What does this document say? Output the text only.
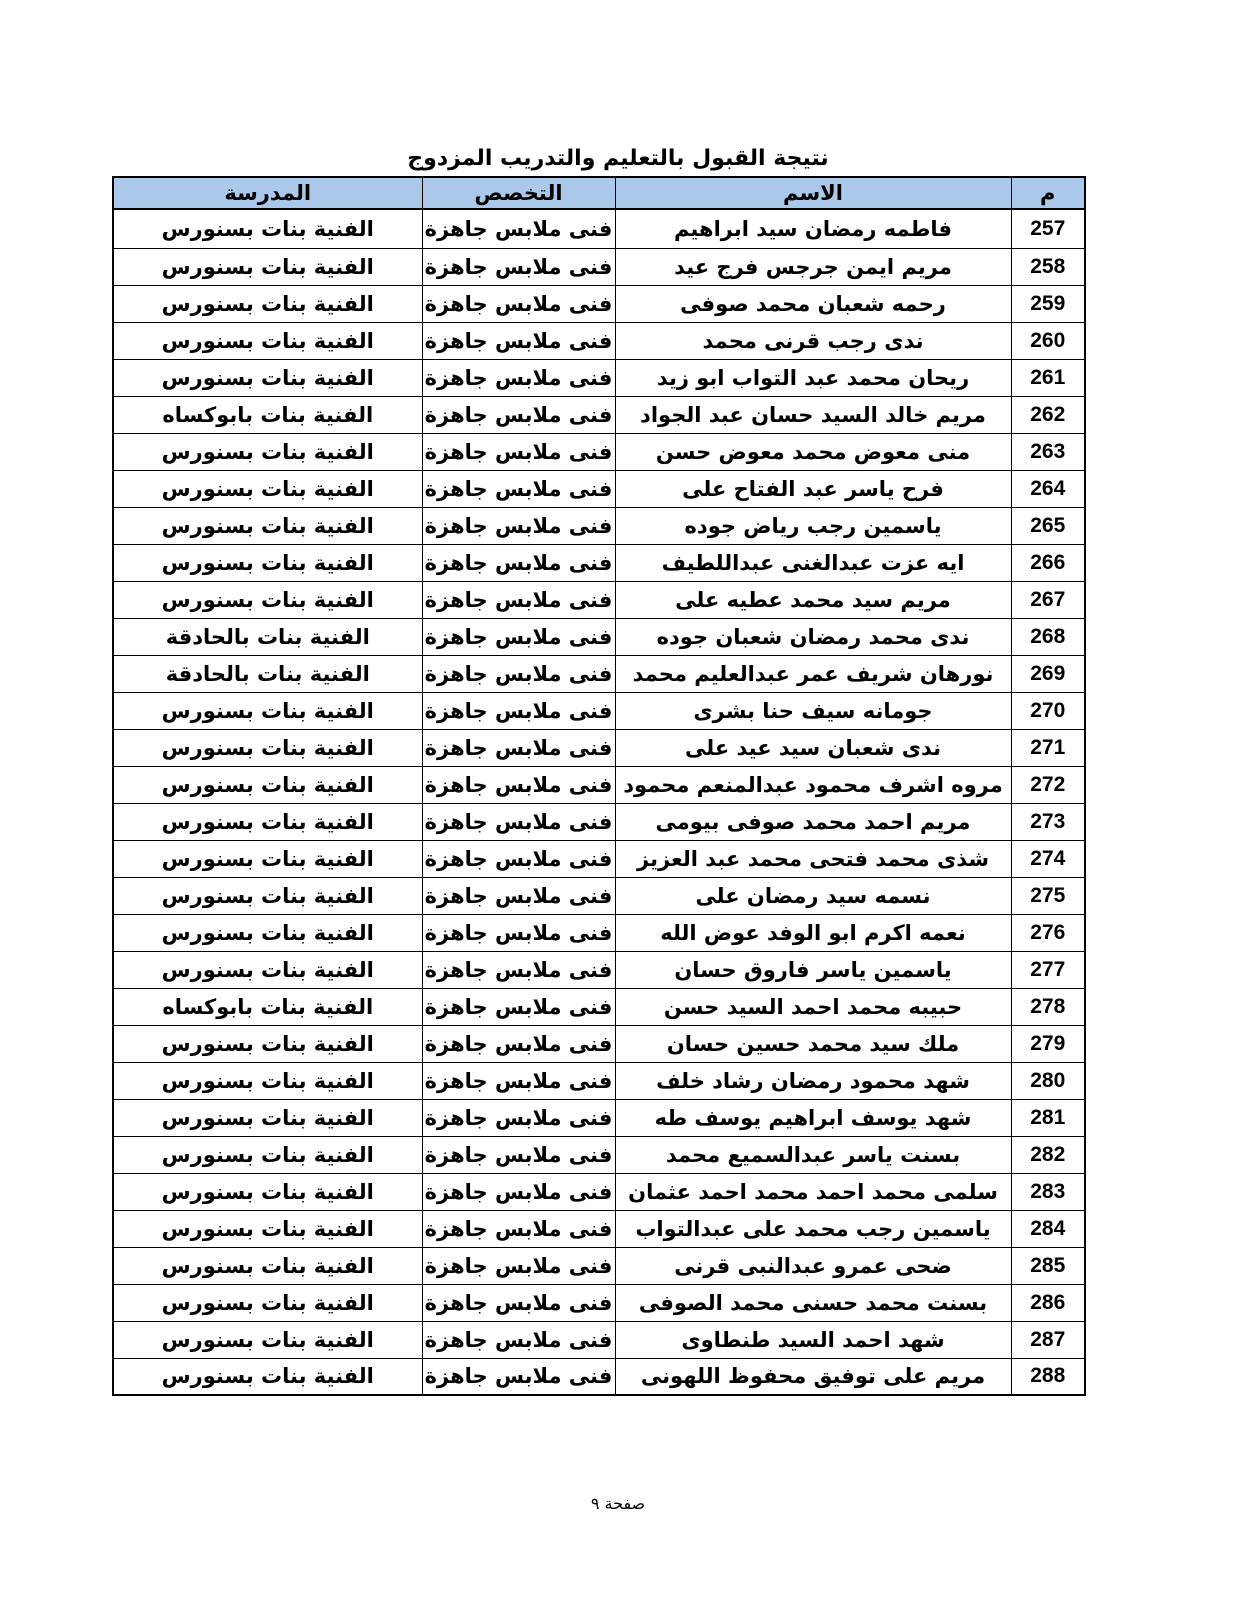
نتيجة القبول بالتعليم والتدريب المزدوج
م	الاسم	التخصص	المدرسة
257	فاطمه رمضان سيد ابراهيم	فنى ملابس جاهزة	الفنية بنات بسنورس
258	مريم ايمن جرجس فرج عيد	فنى ملابس جاهزة	الفنية بنات بسنورس
259	رحمه شعبان محمد صوفى	فنى ملابس جاهزة	الفنية بنات بسنورس
260	ندى رجب قرنى محمد	فنى ملابس جاهزة	الفنية بنات بسنورس
261	ريحان محمد عبد التواب ابو زيد	فنى ملابس جاهزة	الفنية بنات بسنورس
262	مريم خالد السيد حسان عبد الجواد	فنى ملابس جاهزة	الفنية بنات بابوكساه
263	منى معوض محمد معوض حسن	فنى ملابس جاهزة	الفنية بنات بسنورس
264	فرح ياسر عبد الفتاح على	فنى ملابس جاهزة	الفنية بنات بسنورس
265	ياسمين رجب رياض جوده	فنى ملابس جاهزة	الفنية بنات بسنورس
266	ايه عزت عبدالغنى عبداللطيف	فنى ملابس جاهزة	الفنية بنات بسنورس
267	مريم سيد محمد عطيه على	فنى ملابس جاهزة	الفنية بنات بسنورس
268	ندى محمد رمضان شعبان جوده	فنى ملابس جاهزة	الفنية بنات بالحادقة
269	نورهان شريف عمر عبدالعليم محمد	فنى ملابس جاهزة	الفنية بنات بالحادقة
270	جومانه سيف حنا بشرى	فنى ملابس جاهزة	الفنية بنات بسنورس
271	ندى شعبان سيد عيد على	فنى ملابس جاهزة	الفنية بنات بسنورس
272	مروه اشرف محمود عبدالمنعم محمود	فنى ملابس جاهزة	الفنية بنات بسنورس
273	مريم احمد محمد صوفى بيومى	فنى ملابس جاهزة	الفنية بنات بسنورس
274	شذى محمد فتحى محمد عبد العزيز	فنى ملابس جاهزة	الفنية بنات بسنورس
275	نسمه سيد رمضان على	فنى ملابس جاهزة	الفنية بنات بسنورس
276	نعمه اكرم ابو الوفد عوض الله	فنى ملابس جاهزة	الفنية بنات بسنورس
277	ياسمين ياسر فاروق حسان	فنى ملابس جاهزة	الفنية بنات بسنورس
278	حبيبه محمد احمد السيد حسن	فنى ملابس جاهزة	الفنية بنات بابوكساه
279	ملك سيد محمد حسين حسان	فنى ملابس جاهزة	الفنية بنات بسنورس
280	شهد محمود رمضان رشاد خلف	فنى ملابس جاهزة	الفنية بنات بسنورس
281	شهد يوسف ابراهيم يوسف طه	فنى ملابس جاهزة	الفنية بنات بسنورس
282	بسنت ياسر عبدالسميع محمد	فنى ملابس جاهزة	الفنية بنات بسنورس
283	سلمى محمد احمد محمد احمد عثمان	فنى ملابس جاهزة	الفنية بنات بسنورس
284	ياسمين رجب محمد على عبدالتواب	فنى ملابس جاهزة	الفنية بنات بسنورس
285	ضحى عمرو عبدالنبى قرنى	فنى ملابس جاهزة	الفنية بنات بسنورس
286	بسنت محمد حسنى محمد الصوفى	فنى ملابس جاهزة	الفنية بنات بسنورس
287	شهد احمد السيد طنطاوى	فنى ملابس جاهزة	الفنية بنات بسنورس
288	مريم على توفيق محفوظ اللهونى	فنى ملابس جاهزة	الفنية بنات بسنورس
صفحة ٩
